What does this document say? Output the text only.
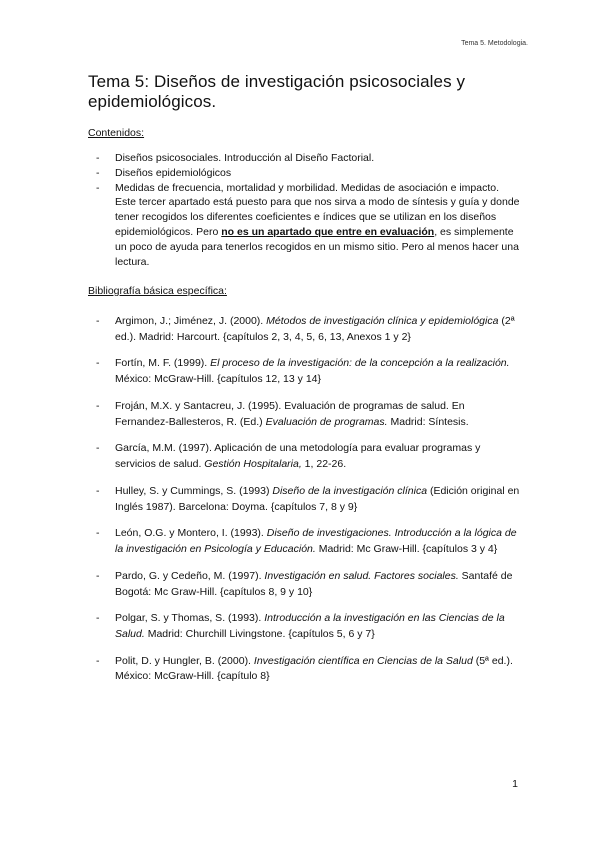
Tema 5. Metodologia.
Tema 5: Diseños de investigación psicosociales y epidemiológicos.

Contenidos:

- Diseños psicosociales. Introducción al Diseño Factorial.
- Diseños epidemiológicos
- Medidas de frecuencia, mortalidad y morbilidad. Medidas de asociación e impacto. Este tercer apartado está puesto para que nos sirva a modo de síntesis y guía y donde tener recogidos los diferentes coeficientes e índices que se utilizan en los diseños epidemiológicos. Pero no es un apartado que entre en evaluación, es simplemente un poco de ayuda para tenerlos recogidos en un mismo sitio. Pero al menos hacer una lectura.

Bibliografía básica específica:

- Argimon, J.; Jiménez, J. (2000). Métodos de investigación clínica y epidemiológica (2ª ed.). Madrid: Harcourt. {capítulos 2, 3, 4, 5, 6, 13, Anexos 1 y 2}
- Fortín, M. F. (1999). El proceso de la investigación: de la concepción a la realización. México: McGraw-Hill. {capítulos 12, 13 y 14}
- Froján, M.X. y Santacreu, J. (1995). Evaluación de programas de salud. En Fernandez-Ballesteros, R. (Ed.) Evaluación de programas. Madrid: Síntesis.
- García, M.M. (1997). Aplicación de una metodología para evaluar programas y servicios de salud. Gestión Hospitalaria, 1, 22-26.
- Hulley, S. y Cummings, S. (1993) Diseño de la investigación clínica (Edición original en Inglés 1987). Barcelona: Doyma. {capítulos 7, 8 y 9}
- León, O.G. y Montero, I. (1993). Diseño de investigaciones. Introducción a la lógica de la investigación en Psicología y Educación. Madrid: Mc Graw-Hill. {capítulos 3 y 4}
- Pardo, G. y Cedeño, M. (1997). Investigación en salud. Factores sociales. Santafé de Bogotá: Mc Graw-Hill. {capítulos 8, 9 y 10}
- Polgar, S. y Thomas, S. (1993). Introducción a la investigación en las Ciencias de la Salud. Madrid: Churchill Livingstone. {capítulos 5, 6 y 7}
- Polit, D. y Hungler, B. (2000). Investigación científica en Ciencias de la Salud (5ª ed.). México: McGraw-Hill. {capítulo 8}
1
